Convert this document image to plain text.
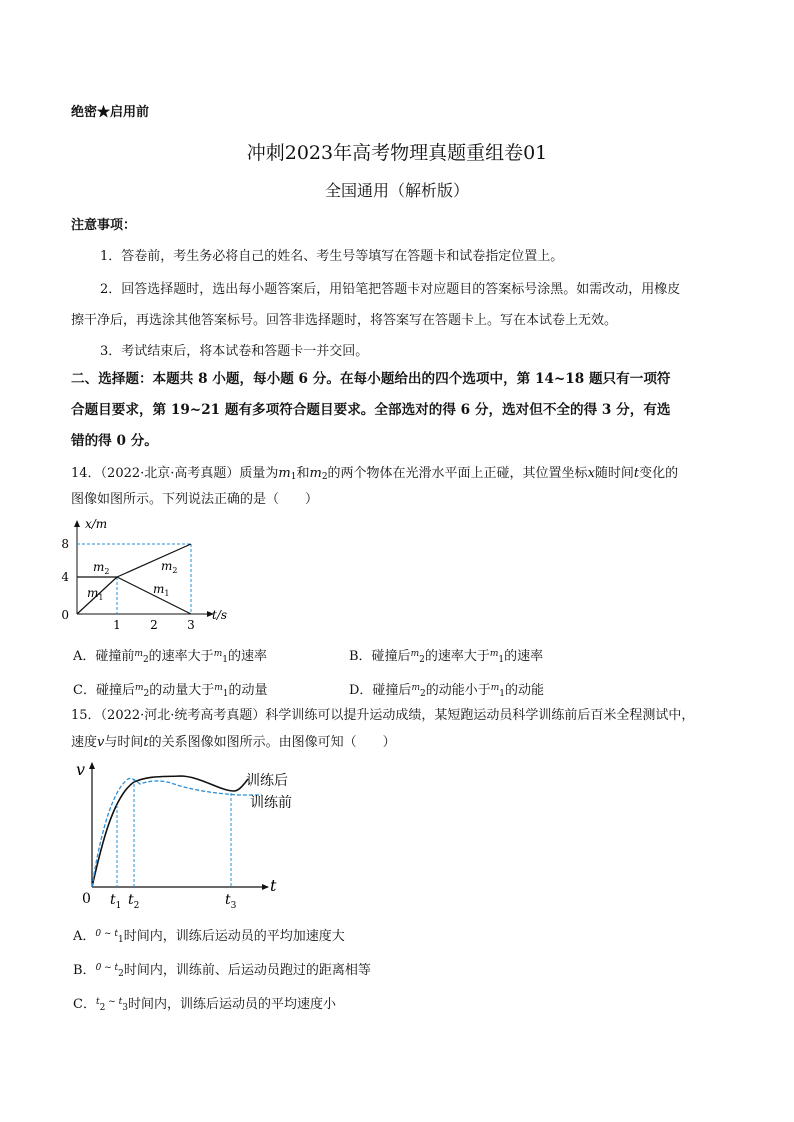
绝密★启用前
冲刺2023年高考物理真题重组卷01
全国通用（解析版）
注意事项：
1．答卷前，考生务必将自己的姓名、考生号等填写在答题卡和试卷指定位置上。
2．回答选择题时，选出每小题答案后，用铅笔把答题卡对应题目的答案标号涂黑。如需改动，用橡皮
擦干净后，再选涂其他答案标号。回答非选择题时，将答案写在答题卡上。写在本试卷上无效。
3．考试结束后，将本试卷和答题卡一并交回。
二、选择题：本题共 8 小题，每小题 6 分。在每小题给出的四个选项中，第 14~18 题只有一项符
合题目要求，第 19~21 题有多项符合题目要求。全部选对的得 6 分，选对但不全的得 3 分，有选
错的得 0 分。
14．（2022·北京·高考真题）质量为$m_1$和$m_2$的两个物体在光滑水平面上正碰，其位置坐标x随时间t变化的
图像如图所示。下列说法正确的是（　　）
8
4
0
1 2 3
x/m
t/s
$m_2$
$m_1$
$m_2$
$m_1$
A．碰撞前$^m_2$的速率大于$^m_1$的速率	B．碰撞后$^m_2$的速率大于$^m_1$的速率
C．碰撞后$^m_2$的动量大于$^m_1$的动量	D．碰撞后$^m_2$的动能小于$^m_1$的动能
15．（2022·河北·统考高考真题）科学训练可以提升运动成绩，某短跑运动员科学训练前后百米全程测试中，
速度v与时间t的关系图像如图所示。由图像可知（　　）
v
t
0 $t_1$ $t_2$	$t_3$
训练后
训练前
A．$^{0 \sim t}_1$时间内，训练后运动员的平均加速度大
B．$^{0 \sim t}_2$时间内，训练前、后运动员跑过的距离相等
C．$^t_2$ $^{\sim t}_3$时间内，训练后运动员的平均速度小
